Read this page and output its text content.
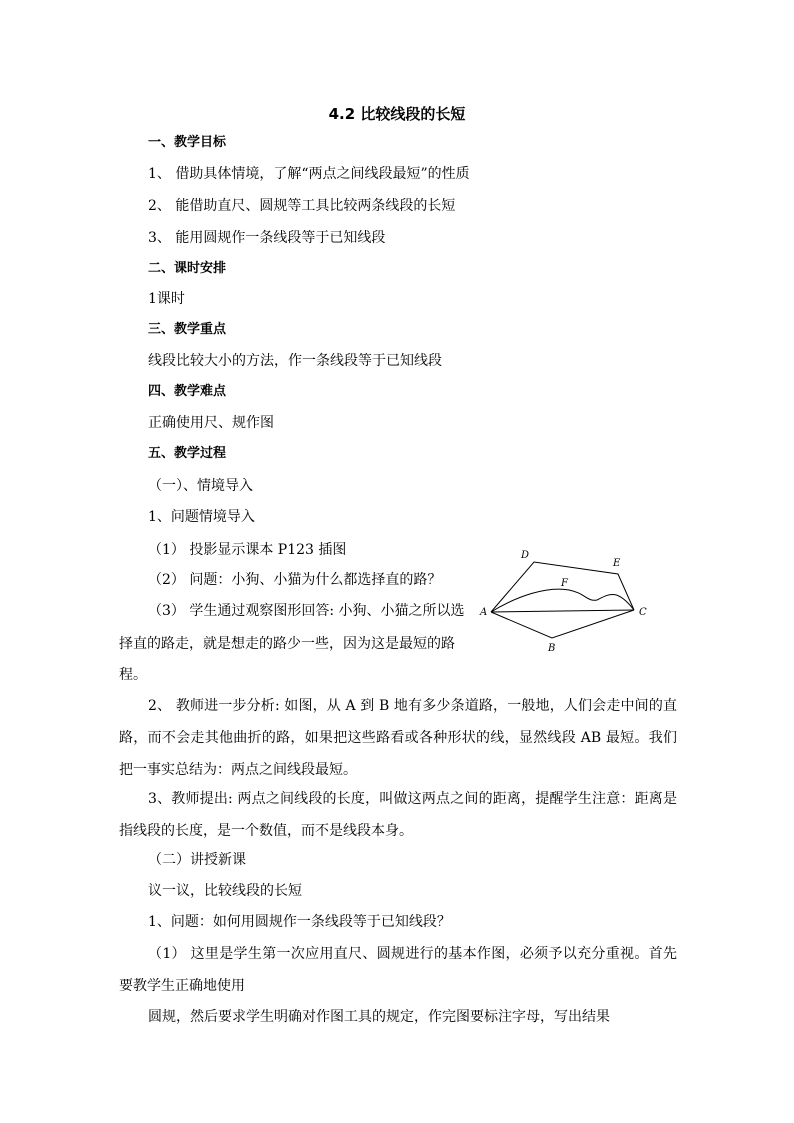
4.2 比较线段的长短
一、教学目标
1、 借助具体情境，了解“两点之间线段最短”的性质
2、 能借助直尺、圆规等工具比较两条线段的长短
3、 能用圆规作一条线段等于已知线段
二、课时安排
1课时
三、教学重点
线段比较大小的方法，作一条线段等于已知线段
四、教学难点
正确使用尺、规作图
五、教学过程
（一）、情境导入
1、问题情境导入
（1） 投影显示课本 P123 插图
（2） 问题：小狗、小猫为什么都选择直的路？
（3） 学生通过观察图形回答: 小狗、小猫之所以选
择直的路走，就是想走的路少一些，因为这是最短的路
程。
D
E
F
A	C
B
2、 教师进一步分析: 如图，从 A 到 B 地有多少条道路，一般地，人们会走中间的直路，而不会走其他曲折的路，如果把这些路看或各种形状的线，显然线段 AB 最短。我们把一事实总结为：两点之间线段最短。
3、教师提出: 两点之间线段的长度，叫做这两点之间的距离，提醒学生注意：距离是指线段的长度，是一个数值，而不是线段本身。
（二）讲授新课
议一议，比较线段的长短
1、问题：如何用圆规作一条线段等于已知线段？
（1） 这里是学生第一次应用直尺、圆规进行的基本作图，必须予以充分重视。首先要教学生正确地使用
圆规，然后要求学生明确对作图工具的规定，作完图要标注字母，写出结果
